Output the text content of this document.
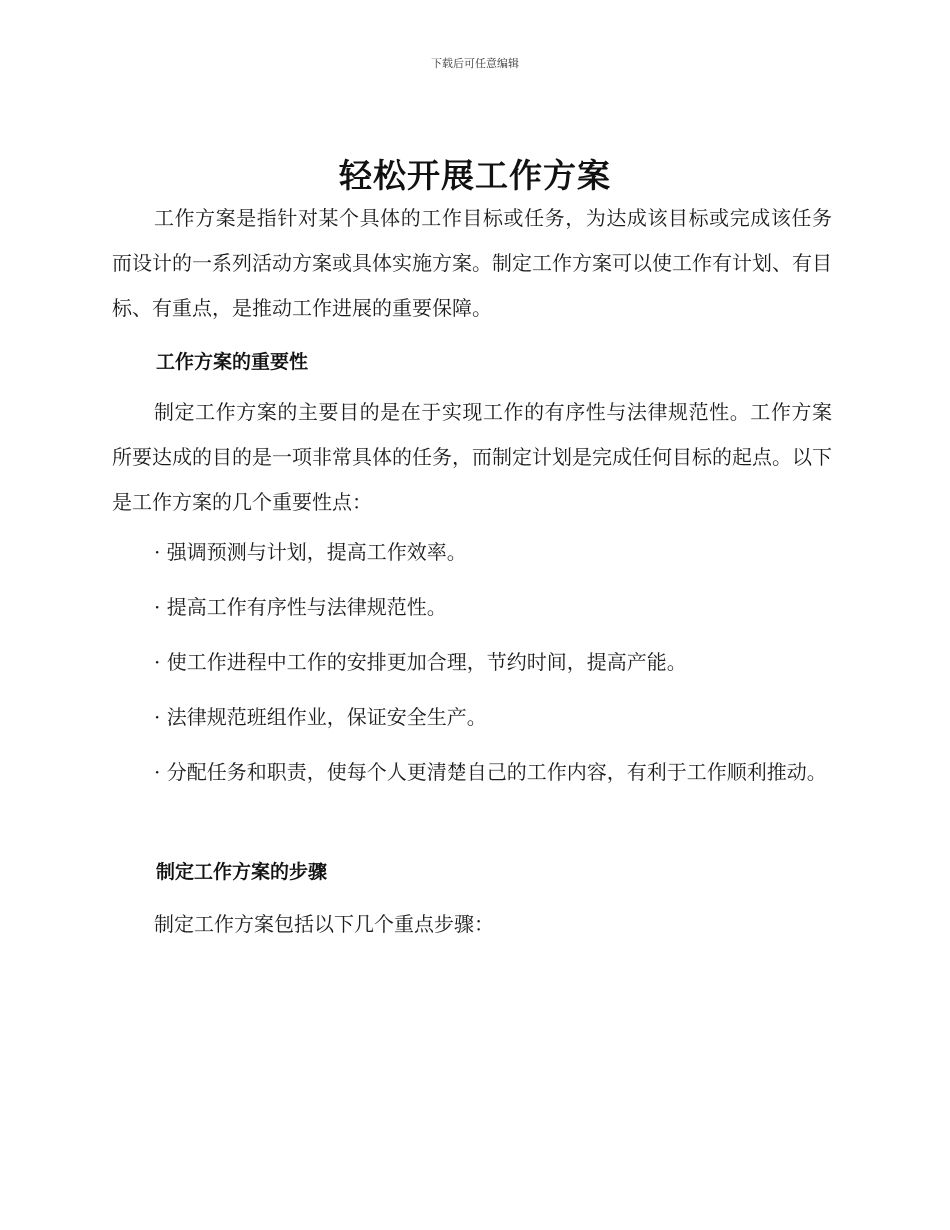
下载后可任意编辑
轻松开展工作方案

工作方案是指针对某个具体的工作目标或任务，为达成该目标或完成该任务而设计的一系列活动方案或具体实施方案。制定工作方案可以使工作有计划、有目标、有重点，是推动工作进展的重要保障。

工作方案的重要性

制定工作方案的主要目的是在于实现工作的有序性与法律规范性。工作方案所要达成的目的是一项非常具体的任务，而制定计划是完成任何目标的起点。以下是工作方案的几个重要性点：

· 强调预测与计划，提高工作效率。

· 提高工作有序性与法律规范性。

· 使工作进程中工作的安排更加合理，节约时间，提高产能。

· 法律规范班组作业，保证安全生产。

· 分配任务和职责，使每个人更清楚自己的工作内容，有利于工作顺利推动。

制定工作方案的步骤

制定工作方案包括以下几个重点步骤：
